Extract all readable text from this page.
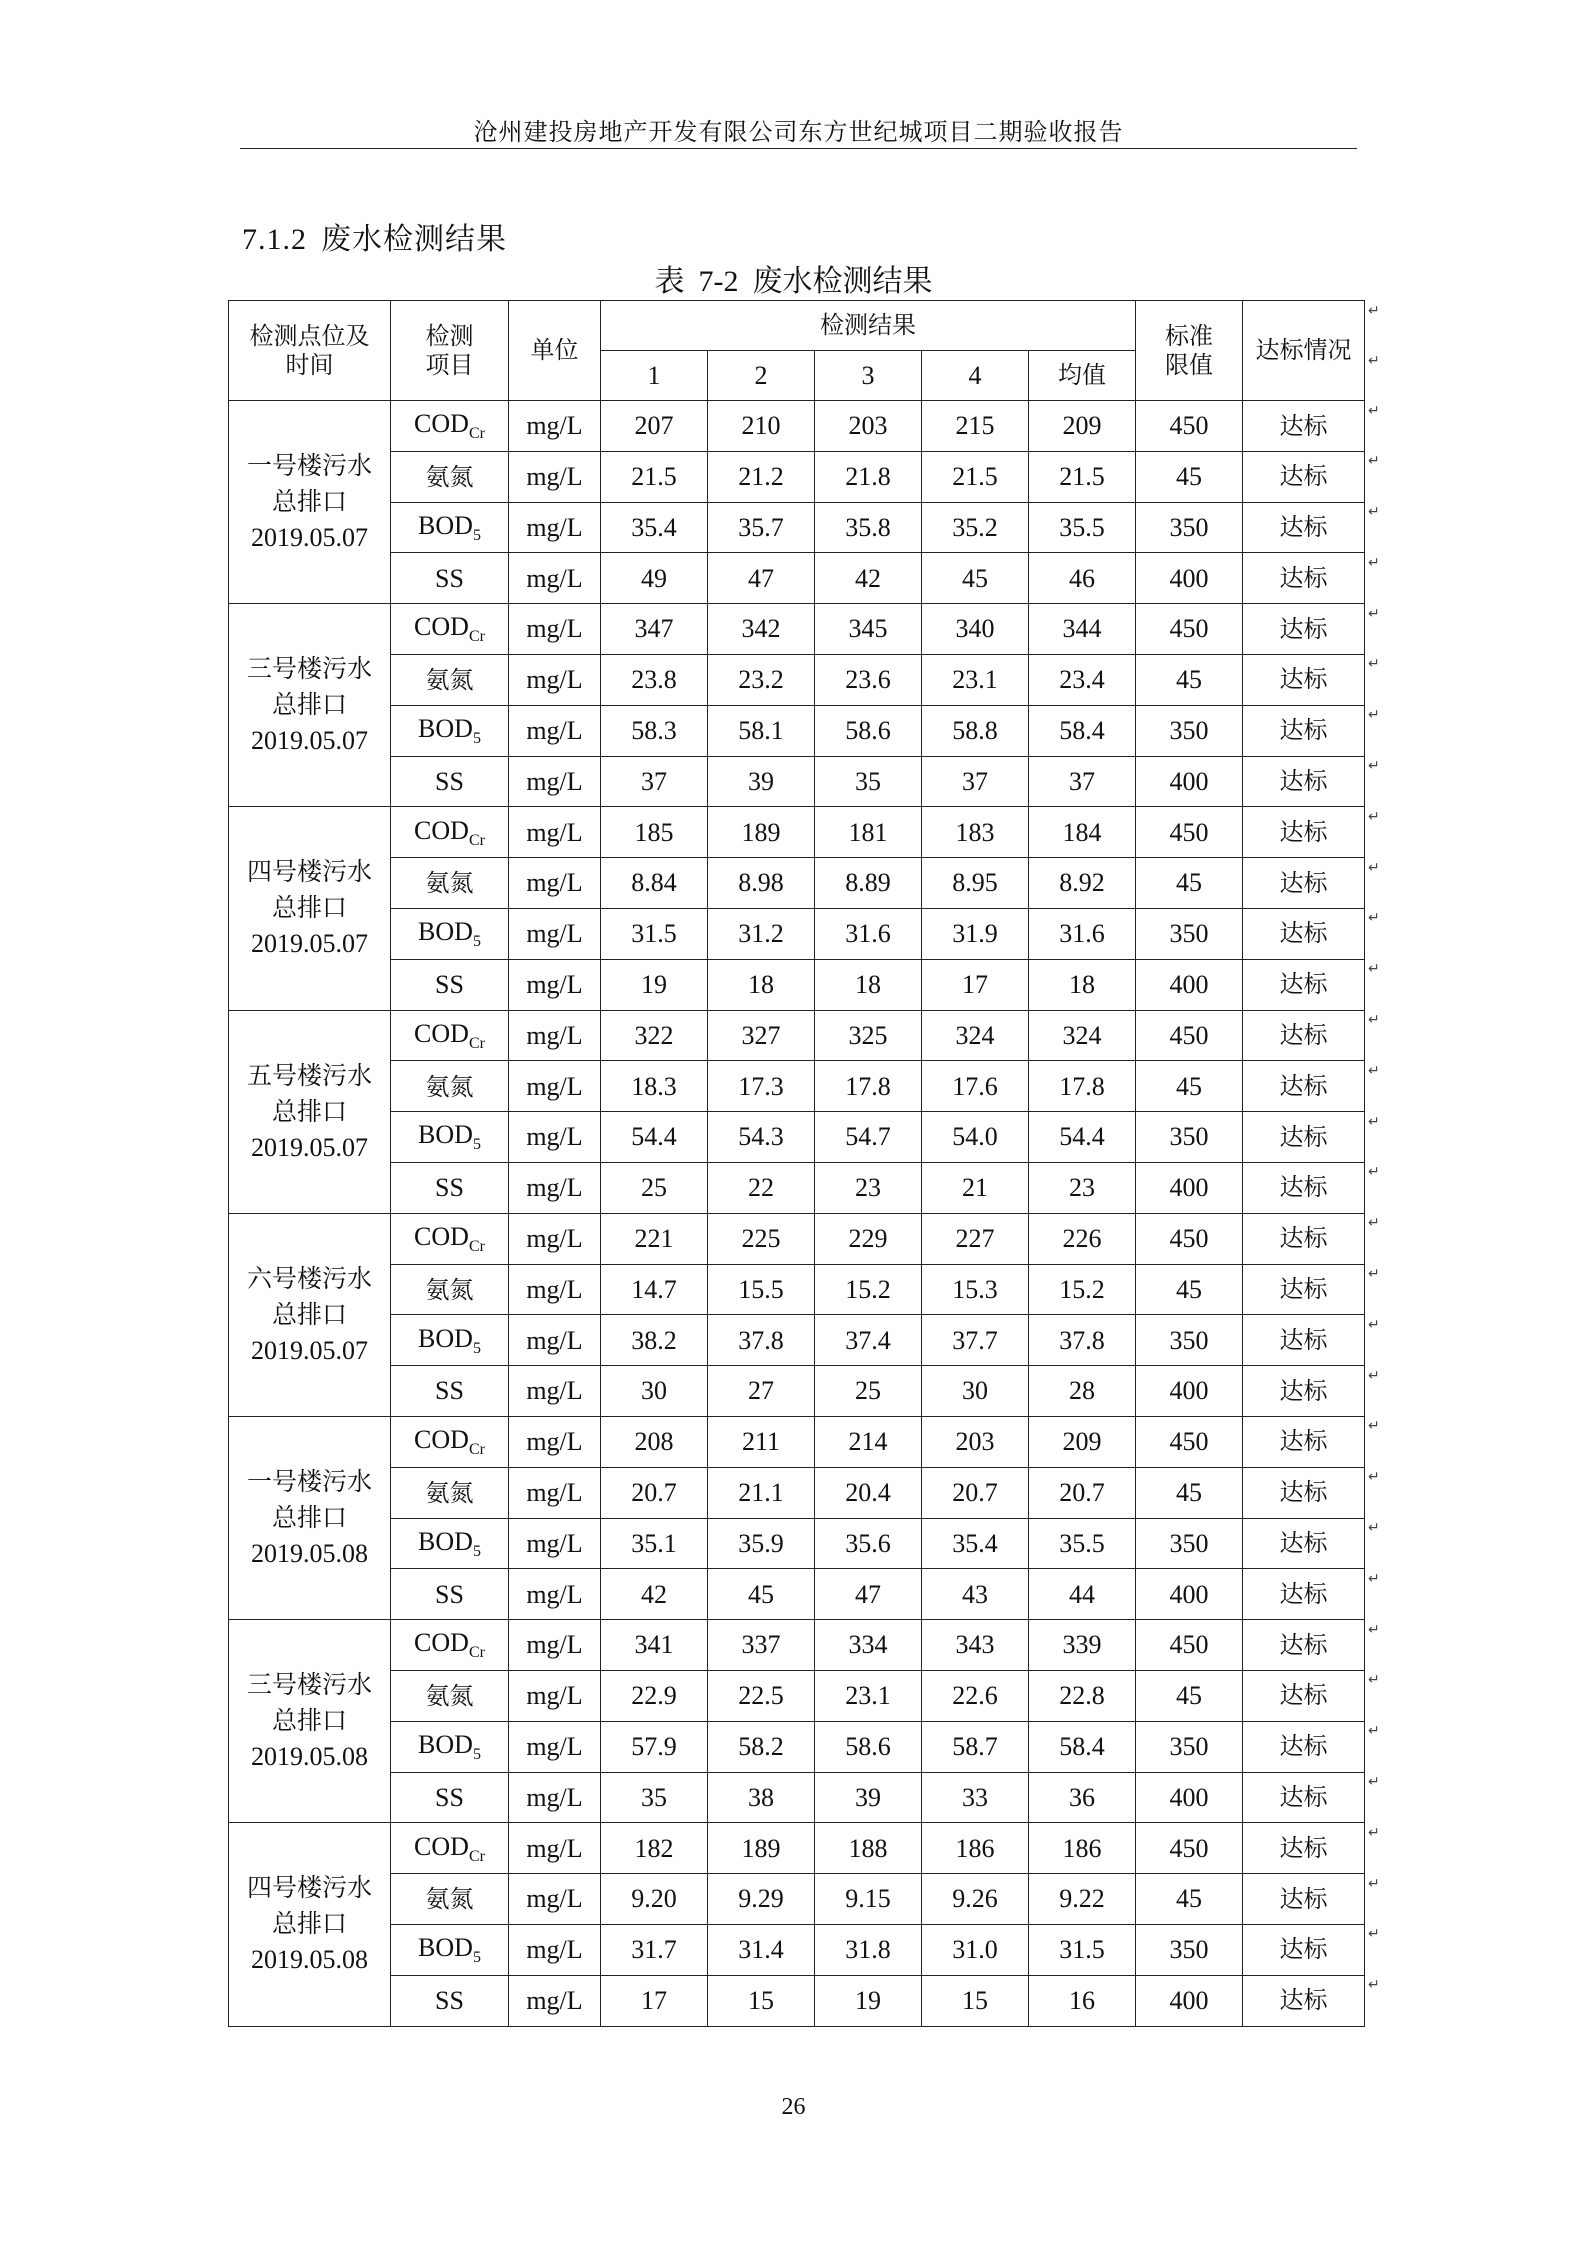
沧州建投房地产开发有限公司东方世纪城项目二期验收报告
7.1.2 废水检测结果
表 7-2 废水检测结果
检测点位及时间	检测项目	单位	检测结果					标准限值	达标情况
			1	2	3	4	均值		

一号楼污水总排口
2019.05.07	$COD_{Cr}$	mg/L	207	210	203	215	209	450	达标
	氨氮	mg/L	21.5	21.2	21.8	21.5	21.5	45	达标
	$BOD_5$	mg/L	35.4	35.7	35.8	35.2	35.5	350	达标
	SS	mg/L	49	47	42	45	46	400	达标

三号楼污水总排口
2019.05.07	$COD_{Cr}$	mg/L	347	342	345	340	344	450	达标
	氨氮	mg/L	23.8	23.2	23.6	23.1	23.4	45	达标
	$BOD_5$	mg/L	58.3	58.1	58.6	58.8	58.4	350	达标
	SS	mg/L	37	39	35	37	37	400	达标

四号楼污水总排口
2019.05.07	$COD_{Cr}$	mg/L	185	189	181	183	184	450	达标
	氨氮	mg/L	8.84	8.98	8.89	8.95	8.92	45	达标
	$BOD_5$	mg/L	31.5	31.2	31.6	31.9	31.6	350	达标
	SS	mg/L	19	18	18	17	18	400	达标

五号楼污水总排口
2019.05.07	$COD_{Cr}$	mg/L	322	327	325	324	324	450	达标
	氨氮	mg/L	18.3	17.3	17.8	17.6	17.8	45	达标
	$BOD_5$	mg/L	54.4	54.3	54.7	54.0	54.4	350	达标
	SS	mg/L	25	22	23	21	23	400	达标

六号楼污水总排口
2019.05.07	$COD_{Cr}$	mg/L	221	225	229	227	226	450	达标
	氨氮	mg/L	14.7	15.5	15.2	15.3	15.2	45	达标
	$BOD_5$	mg/L	38.2	37.8	37.4	37.7	37.8	350	达标
	SS	mg/L	30	27	25	30	28	400	达标

一号楼污水总排口
2019.05.08	$COD_{Cr}$	mg/L	208	211	214	203	209	450	达标
	氨氮	mg/L	20.7	21.1	20.4	20.7	20.7	45	达标
	$BOD_5$	mg/L	35.1	35.9	35.6	35.4	35.5	350	达标
	SS	mg/L	42	45	47	43	44	400	达标

三号楼污水总排口
2019.05.08	$COD_{Cr}$	mg/L	341	337	334	343	339	450	达标
	氨氮	mg/L	22.9	22.5	23.1	22.6	22.8	45	达标
	$BOD_5$	mg/L	57.9	58.2	58.6	58.7	58.4	350	达标
	SS	mg/L	35	38	39	33	36	400	达标

四号楼污水总排口
2019.05.08	$COD_{Cr}$	mg/L	182	189	188	186	186	450	达标
	氨氮	mg/L	9.20	9.29	9.15	9.26	9.22	45	达标
	$BOD_5$	mg/L	31.7	31.4	31.8	31.0	31.5	350	达标
	SS	mg/L	17	15	19	15	16	400	达标
↵
↵
↵
↵
↵
↵
↵
↵
↵
↵
↵
↵
↵
↵
↵
↵
↵
↵
↵
↵
↵
↵
↵
↵
↵
↵
↵
↵
↵
↵
↵
↵
↵
↵
26
